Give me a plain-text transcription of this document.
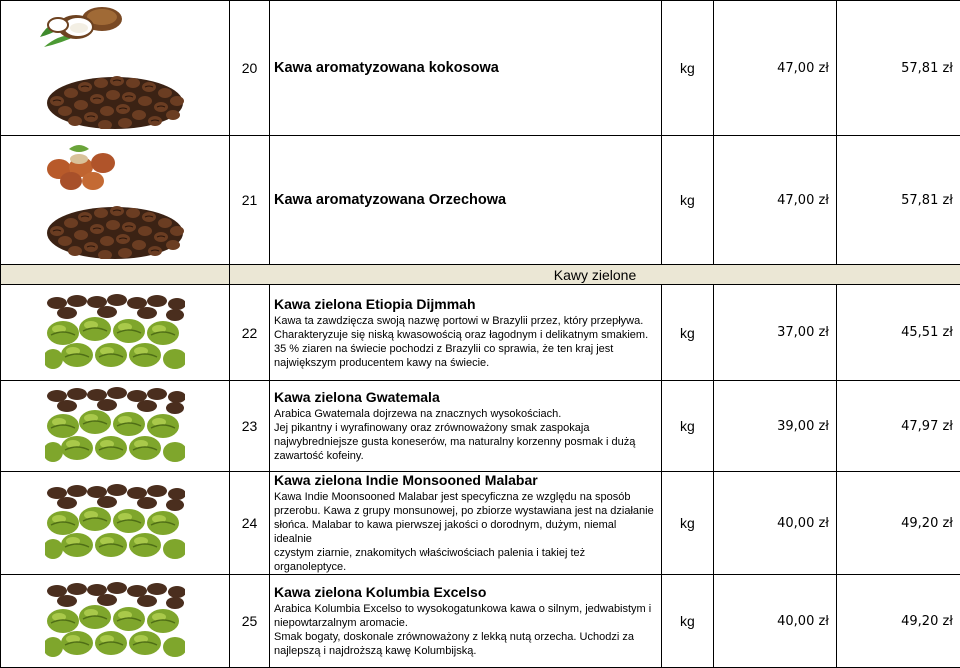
	20	Kawa aromatyzowana kokosowa	kg	47,00 zł	57,81 zł

	21	Kawa aromatyzowana Orzechowa	kg	47,00 zł	57,81 zł
	Kawy zielone				

	22	Kawa zielona Etiopia Dijmmah
Kawa ta zawdzięcza swoją nazwę portowi w Brazylii przez, który przepływa.
Charakteryzuje się niską kwasowością oraz łagodnym i delikatnym smakiem.
35 % ziaren na świecie pochodzi z Brazylii co sprawia, że ten kraj jest
największym producentem kawy na świecie.	kg	37,00 zł	45,51 zł

	23	Kawa zielona Gwatemala
Arabica Gwatemala dojrzewa na znacznych wysokościach.
Jej pikantny i wyrafinowany oraz zrównoważony smak zaspokaja
najwybredniejsze gusta koneserów, ma naturalny korzenny posmak i dużą
zawartość kofeiny.	kg	39,00 zł	47,97 zł

	24	Kawa zielona Indie Monsooned Malabar
Kawa Indie Moonsooned Malabar jest specyficzna ze względu na sposób
przerobu. Kawa z grupy monsunowej, po zbiorze wystawiana jest na działanie
słońca. Malabar to kawa pierwszej jakości o dorodnym, dużym, niemal idealnie
czystym ziarnie, znakomitych właściwościach palenia i takiej też organoleptyce.	kg	40,00 zł	49,20 zł

	25	Kawa zielona Kolumbia Excelso
Arabica Kolumbia Excelso to wysokogatunkowa kawa o silnym, jedwabistym i
niepowtarzalnym aromacie.
Smak bogaty, doskonale zrównoważony z lekką nutą orzecha. Uchodzi za
najlepszą i najdroższą kawę Kolumbijską.	kg	40,00 zł	49,20 zł
